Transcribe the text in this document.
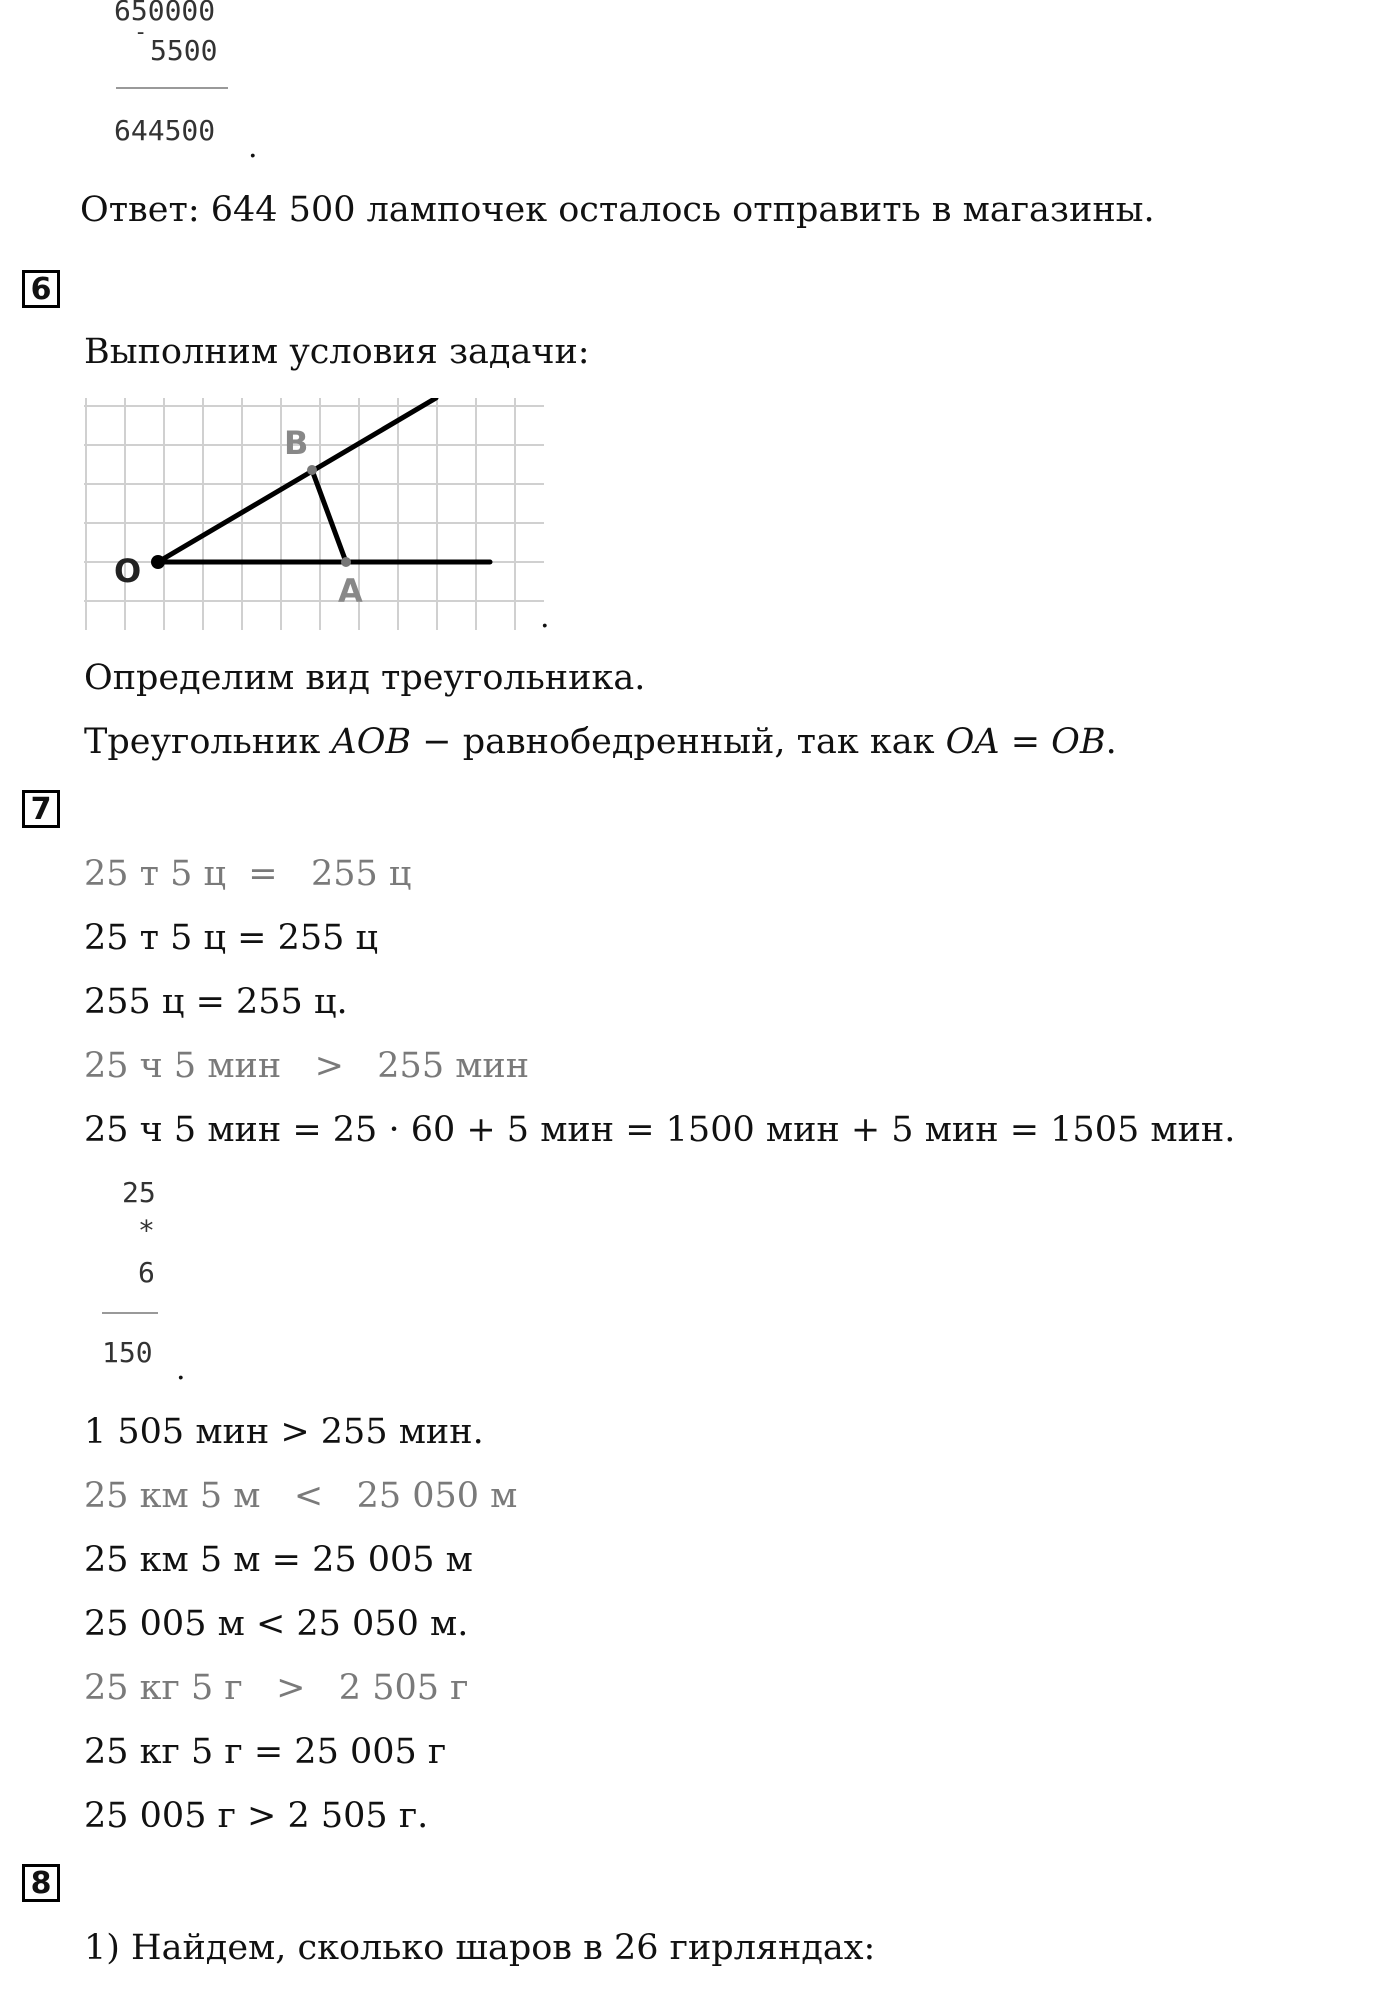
650000
-
5500
644500 .
Ответ: 644 500 лампочек осталось отправить в магазины.
6
Выполним условия задачи:
O
A
B
.
Определим вид треугольника.
Треугольник AOB − равнобедренный, так как OA = OB.
7
25 т 5 ц  =   255 ц
25 т 5 ц = 255 ц
255 ц = 255 ц.
25 ч 5 мин   >   255 мин
25 ч 5 мин = 25 · 60 + 5 мин = 1500 мин + 5 мин = 1505 мин.
25
*
6
150 .
1 505 мин > 255 мин.
25 км 5 м   <   25 050 м
25 км 5 м = 25 005 м
25 005 м < 25 050 м.
25 кг 5 г   >   2 505 г
25 кг 5 г = 25 005 г
25 005 г > 2 505 г.
8
1) Найдем, сколько шаров в 26 гирляндах:
